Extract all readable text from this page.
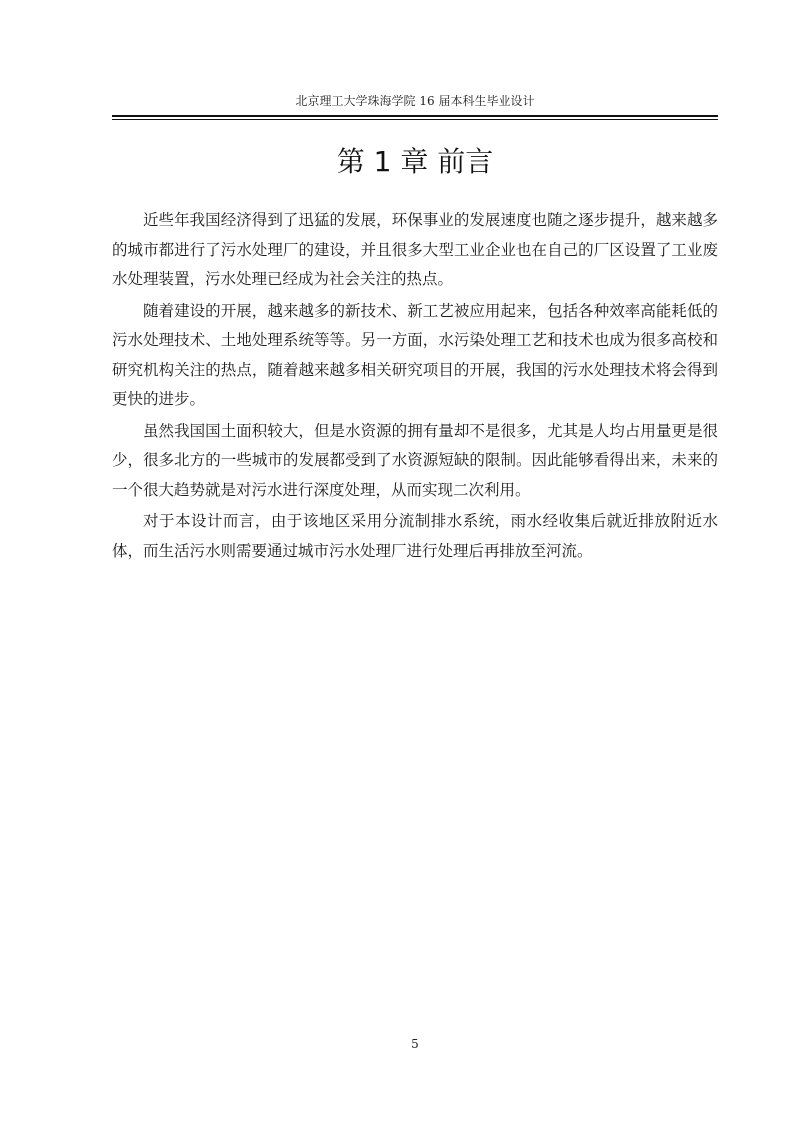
北京理工大学珠海学院 16 届本科生毕业设计
第 1 章 前言

近些年我国经济得到了迅猛的发展，环保事业的发展速度也随之逐步提升，越来越多的城市都进行了污水处理厂的建设，并且很多大型工业企业也在自己的厂区设置了工业废水处理装置，污水处理已经成为社会关注的热点。

随着建设的开展，越来越多的新技术、新工艺被应用起来，包括各种效率高能耗低的污水处理技术、土地处理系统等等。另一方面，水污染处理工艺和技术也成为很多高校和研究机构关注的热点，随着越来越多相关研究项目的开展，我国的污水处理技术将会得到更快的进步。

虽然我国国土面积较大，但是水资源的拥有量却不是很多，尤其是人均占用量更是很少，很多北方的一些城市的发展都受到了水资源短缺的限制。因此能够看得出来，未来的一个很大趋势就是对污水进行深度处理，从而实现二次利用。

对于本设计而言，由于该地区采用分流制排水系统，雨水经收集后就近排放附近水体，而生活污水则需要通过城市污水处理厂进行处理后再排放至河流。

5
